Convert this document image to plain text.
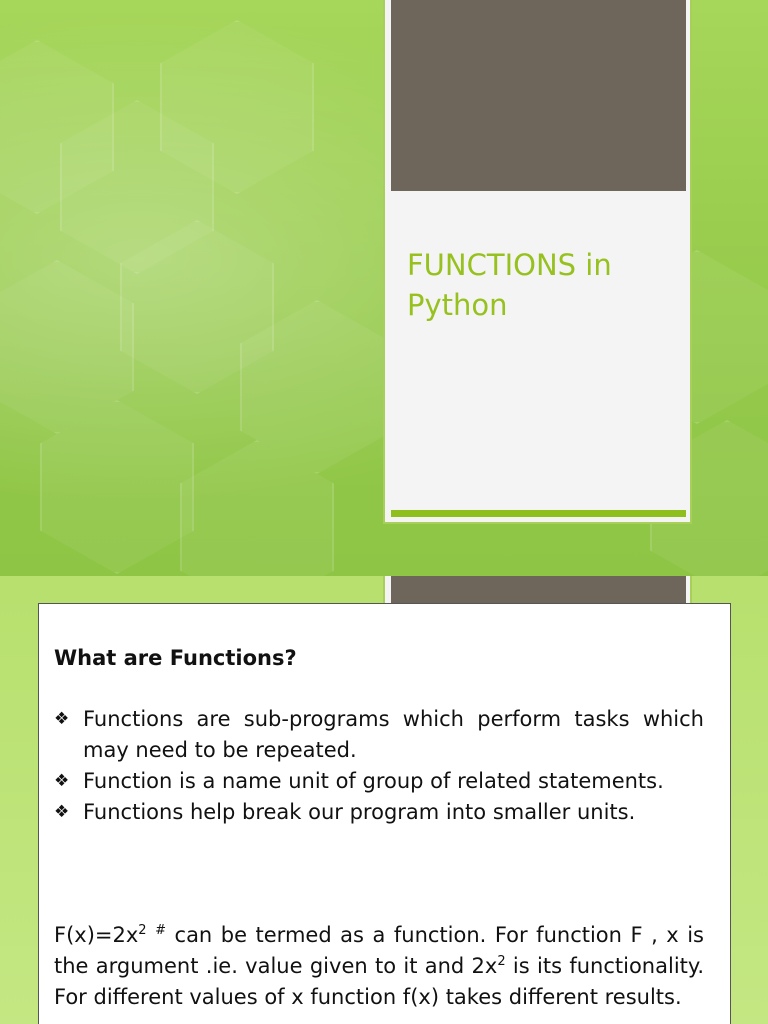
FUNCTIONS in
Python
What are Functions?
❖ Functions are sub-programs which perform tasks which may need to be repeated.
❖ Function is a name unit of group of related statements.
❖ Functions help break our program into smaller units.
$F(x)=2x^2$ # can be termed as a function. For function F , x is the argument .ie. value given to it and $2x^2$ is its functionality. For different values of x function f(x) takes different results.
